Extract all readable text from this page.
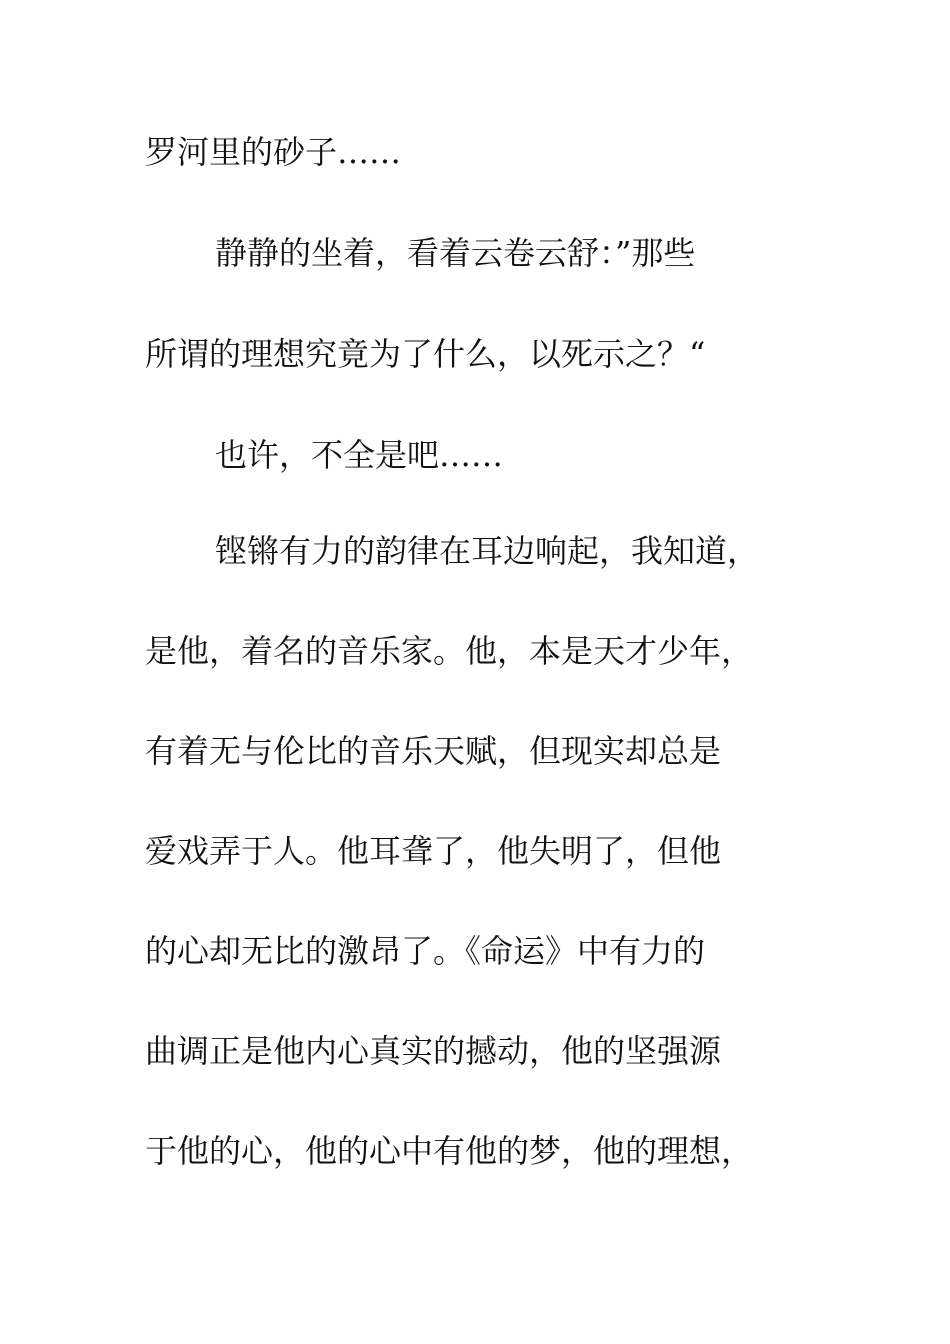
罗河里的砂子……
静静的坐着，看着云卷云舒：”那些
所谓的理想究竟为了什么，以死示之？“
也许，不全是吧……
铿锵有力的韵律在耳边响起，我知道，
是他，着名的音乐家。他，本是天才少年，
有着无与伦比的音乐天赋，但现实却总是
爱戏弄于人。他耳聋了，他失明了，但他
的心却无比的激昂了。《命运》中有力的
曲调正是他内心真实的撼动，他的坚强源
于他的心，他的心中有他的梦，他的理想，
